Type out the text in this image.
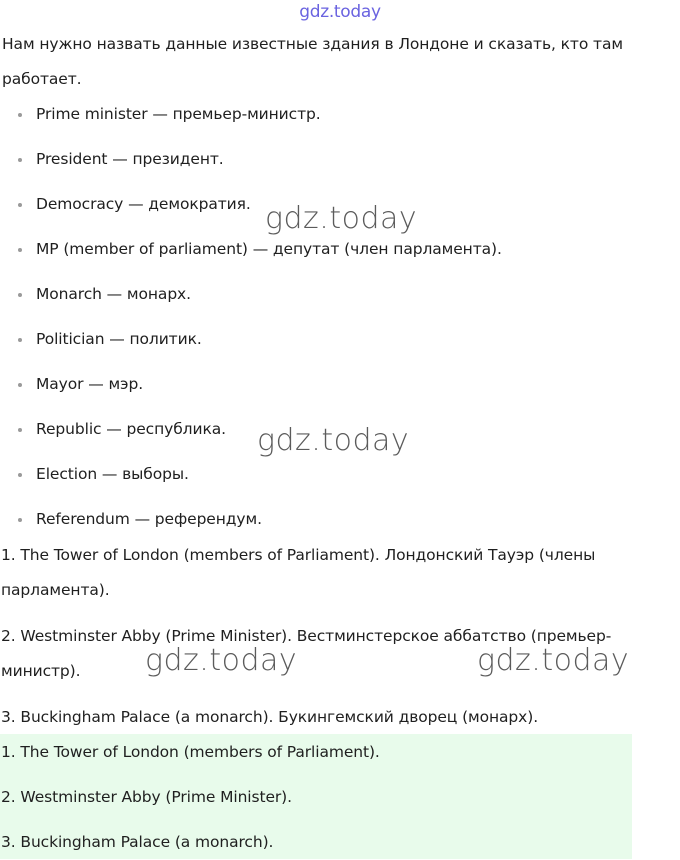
gdz.today

Нам нужно назвать данные известные здания в Лондоне и сказать, кто там работает.

Prime minister — премьер-министр.
President — президент.
Democracy — демократия.
MP (member of parliament) — депутат (член парламента).
Monarch — монарх.
Politician — политик.
Mayor — мэр.
Republic — республика.
Election — выборы.
Referendum — референдум.

1. The Tower of London (members of Parliament). Лондонский Тауэр (члены парламента).

2. Westminster Abby (Prime Minister). Вестминстерское аббатство (премьер-министр).

3. Buckingham Palace (a monarch). Букингемский дворец (монарх).

1. The Tower of London (members of Parliament).
2. Westminster Abby (Prime Minister).
3. Buckingham Palace (a monarch).
gdz.today
gdz.today
gdz.today	gdz.today
